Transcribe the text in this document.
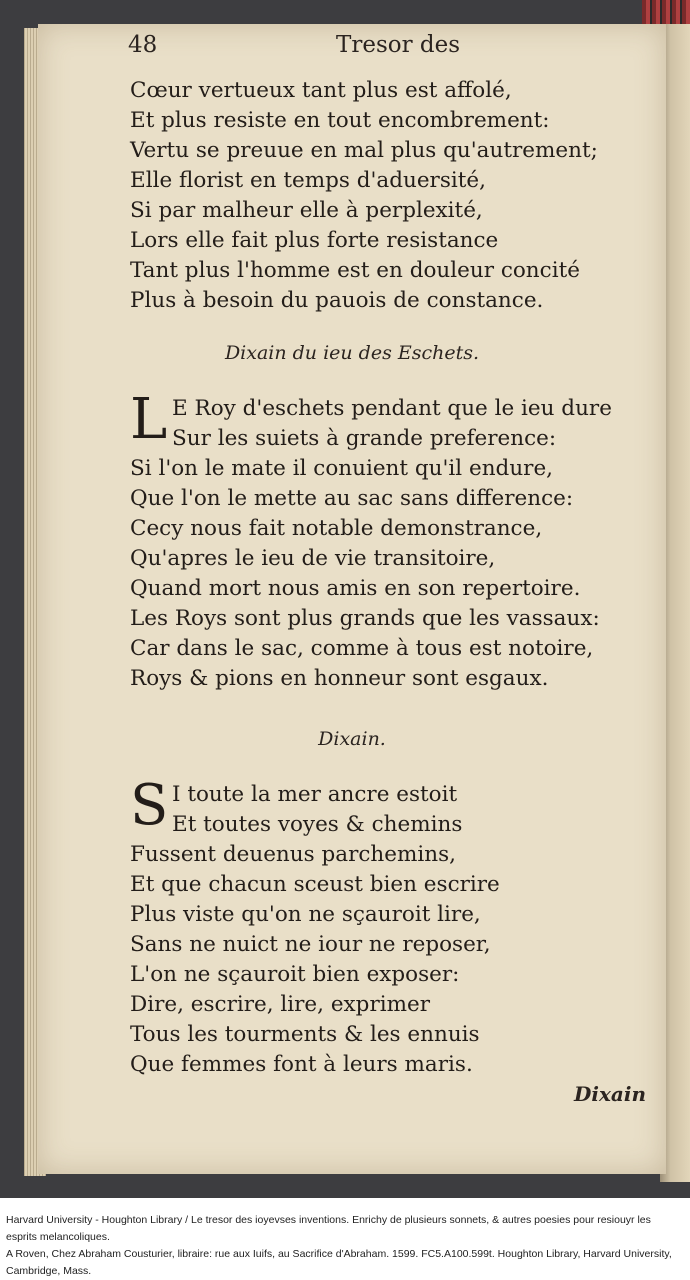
48	Tresor des
Cœur vertueux tant plus est affolé,
Et plus resiste en tout encombrement:
Vertu se preuue en mal plus qu'autrement;
Elle florist en temps d'aduersité,
Si par malheur elle à perplexité,
Lors elle fait plus forte resistance
Tant plus l'homme est en douleur concité
Plus à besoin du pauois de constance.
Dixain du ieu des Eschets.
L E Roy d'eschets pendant que le ieu dure
Sur les suiets à grande preference:
Si l'on le mate il conuient qu'il endure,
Que l'on le mette au sac sans difference:
Cecy nous fait notable demonstrance,
Qu'apres le ieu de vie transitoire,
Quand mort nous amis en son repertoire.
Les Roys sont plus grands que les vassaux:
Car dans le sac, comme à tous est notoire,
Roys & pions en honneur sont esgaux.
Dixain.
S I toute la mer ancre estoit
Et toutes voyes & chemins
Fussent deuenus parchemins,
Et que chacun sceust bien escrire
Plus viste qu'on ne sçauroit lire,
Sans ne nuict ne iour ne reposer,
L'on ne sçauroit bien exposer:
Dire, escrire, lire, exprimer
Tous les tourments & les ennuis
Que femmes font à leurs maris.
Dixain
Harvard University - Houghton Library / Le tresor des ioyevses inventions. Enrichy de plusieurs sonnets, & autres poesies pour resiouyr les esprits melancoliques.
A Roven, Chez Abraham Cousturier, libraire: rue aux Iuifs, au Sacrifice d'Abraham. 1599. FC5.A100.599t. Houghton Library, Harvard University, Cambridge, Mass.
